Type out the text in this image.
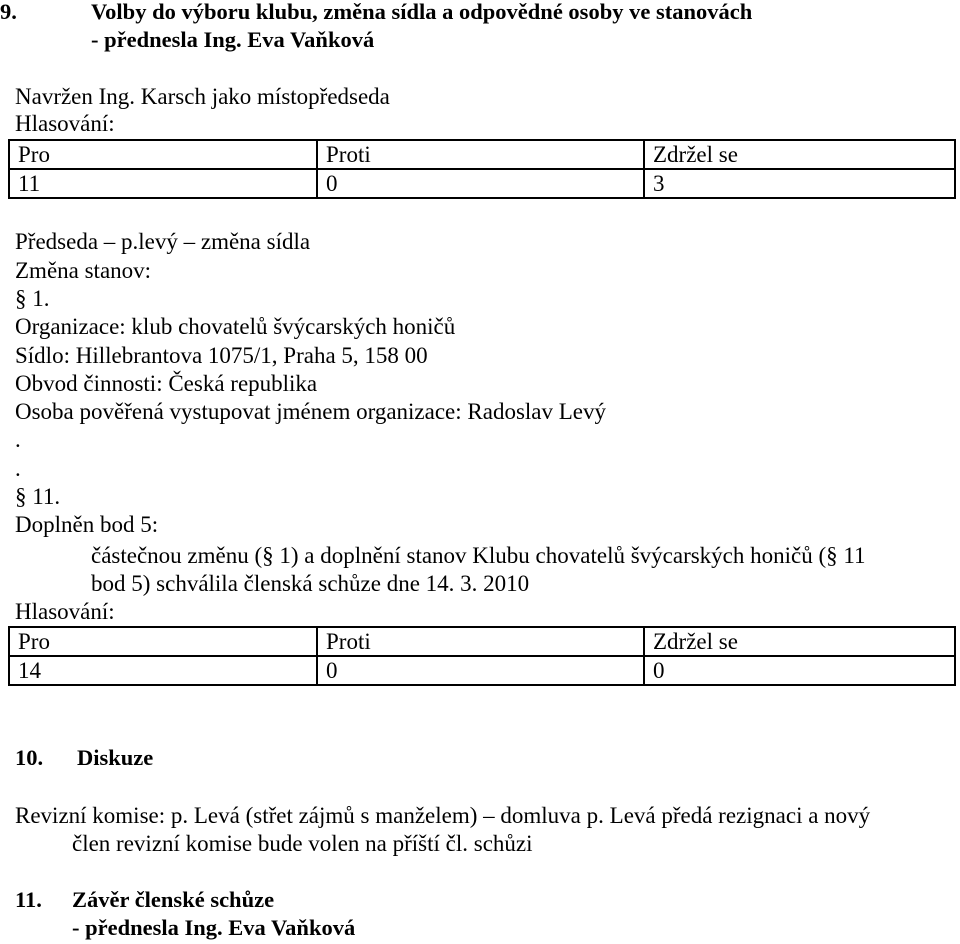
9.	Volby do výboru klubu, změna sídla a odpovědné osoby ve stanovách
- přednesla Ing. Eva Vaňková
Navržen Ing. Karsch jako místopředseda
Hlasování:
Pro	Proti	Zdržel se
11	0	3
Předseda – p.levý – změna sídla
Změna stanov:
§ 1.
Organizace: klub chovatelů švýcarských honičů
Sídlo: Hillebrantova 1075/1, Praha 5, 158 00
Obvod činnosti: Česká republika
Osoba pověřená vystupovat jménem organizace: Radoslav Levý
.
.
§ 11.
Doplněn bod 5:
částečnou změnu (§ 1) a doplnění stanov Klubu chovatelů švýcarských honičů (§ 11
bod 5) schválila členská schůze dne 14. 3. 2010
Hlasování:
Pro	Proti	Zdržel se
14	0	0
10. Diskuze
Revizní komise: p. Levá (střet zájmů s manželem) – domluva p. Levá předá rezignaci a nový
člen revizní komise bude volen na příští čl. schůzi
11. Závěr členské schůze
- přednesla Ing. Eva Vaňková
